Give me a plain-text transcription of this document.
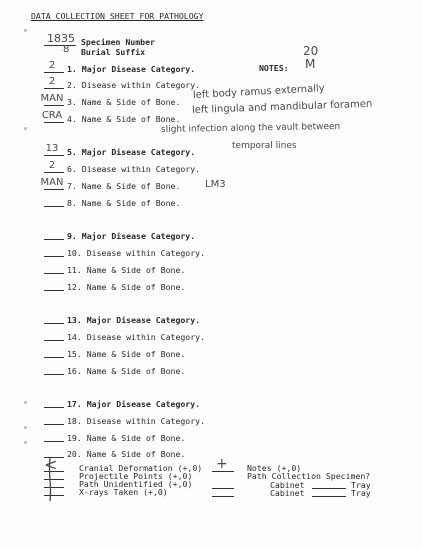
DATA COLLECTION SHEET FOR PATHOLOGY
1835 Specimen Number
8 Burial Suffix
NOTES:
20
M
2	1. Major Disease Category.
2	2. Disease within Category.
MAN 3. Name & Side of Bone.
CRA 4. Name & Side of Bone.
13	5. Major Disease Category.
2	6. Disease within Category.
MAN 7. Name & Side of Bone.
8. Name & Side of Bone.
9. Major Disease Category.
10. Disease within Category.
11. Name & Side of Bone.
12. Name & Side of Bone.
13. Major Disease Category.
14. Disease within Category.
15. Name & Side of Bone.
16. Name & Side of Bone.
17. Major Disease Category.
18. Disease within Category.
19. Name & Side of Bone.
20. Name & Side of Bone.
left body ramus externally
left lingula and mandibular foramen
slight infection along the vault between
temporal lines
LM3
<	Cranial Deformation (+,0)
Projectile Points (+,0)
Path Unidentified (+,0)
X-rays Taken (+,0)
+ Notes (+,0)
Path Collection Specimen?
Cabinet	Tray
Cabinet	Tray
